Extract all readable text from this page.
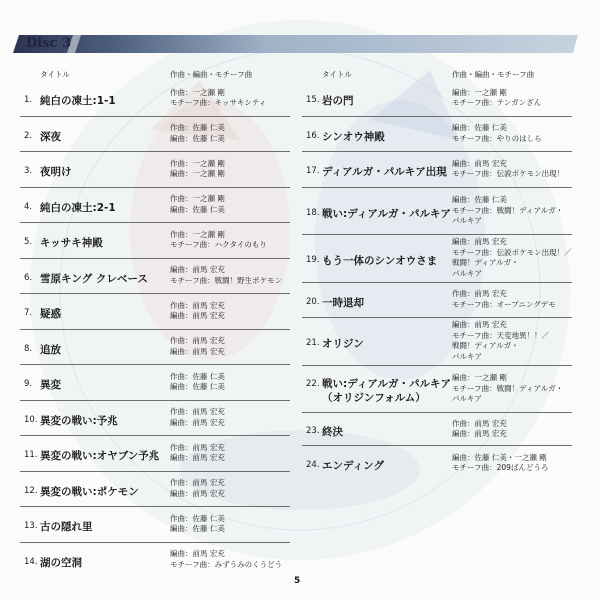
Disc 3
タイトル	作曲・編曲・モチーフ曲
1. 純白の凍土:1-1
作曲：一之瀬 剛
モチーフ曲：キッサキシティ
2. 深夜
作曲：佐藤 仁美
編曲：佐藤 仁美
3. 夜明け
作曲：一之瀬 剛
編曲：一之瀬 剛
4. 純白の凍土:2-1
作曲：一之瀬 剛
編曲：佐藤 仁美
5. キッサキ神殿
作曲：一之瀬 剛
モチーフ曲：ハクタイのもり
6. 雪原キング クレベース
編曲：前馬 宏充
モチーフ曲：戦闘！野生ポケモン
7. 疑惑
作曲：前馬 宏充
編曲：前馬 宏充
8. 追放
作曲：前馬 宏充
編曲：前馬 宏充
9. 異変
作曲：佐藤 仁美
編曲：佐藤 仁美
10. 異変の戦い:予兆
作曲：前馬 宏充
編曲：前馬 宏充
11. 異変の戦い:オヤブン予兆
作曲：前馬 宏充
編曲：前馬 宏充
12. 異変の戦い:ポケモン
作曲：前馬 宏充
編曲：前馬 宏充
13. 古の隠れ里
作曲：佐藤 仁美
編曲：佐藤 仁美
14. 湖の空洞
編曲：前馬 宏充
モチーフ曲：みずうみのくうどう
タイトル	作曲・編曲・モチーフ曲
15. 岩の門
編曲：一之瀬 剛
モチーフ曲：テンガンざん
16. シンオウ神殿
編曲：佐藤 仁美
モチーフ曲：やりのはしら
17. ディアルガ・パルキア出現
編曲：前馬 宏充
モチーフ曲：伝説ポケモン出現！
18. 戦い:ディアルガ・パルキア
編曲：佐藤 仁美
モチーフ曲：戦闘！ディアルガ・
パルキア
19. もう一体のシンオウさま
編曲：前馬 宏充
モチーフ曲：伝説ポケモン出現！／
戦闘！ディアルガ・
パルキア
20. 一時退却
作曲：前馬 宏充
モチーフ曲：オープニングデモ
21. オリジン
編曲：前馬 宏充
モチーフ曲：天変地異！！／
戦闘！ディアルガ・
パルキア
22. 戦い:ディアルガ・パルキア
（オリジンフォルム）
編曲：一之瀬 剛
モチーフ曲：戦闘！ディアルガ・
パルキア
23. 終決
作曲：前馬 宏充
編曲：前馬 宏充
24. エンディング
編曲：佐藤 仁美・一之瀬 剛
モチーフ曲：209ばんどうろ
5
